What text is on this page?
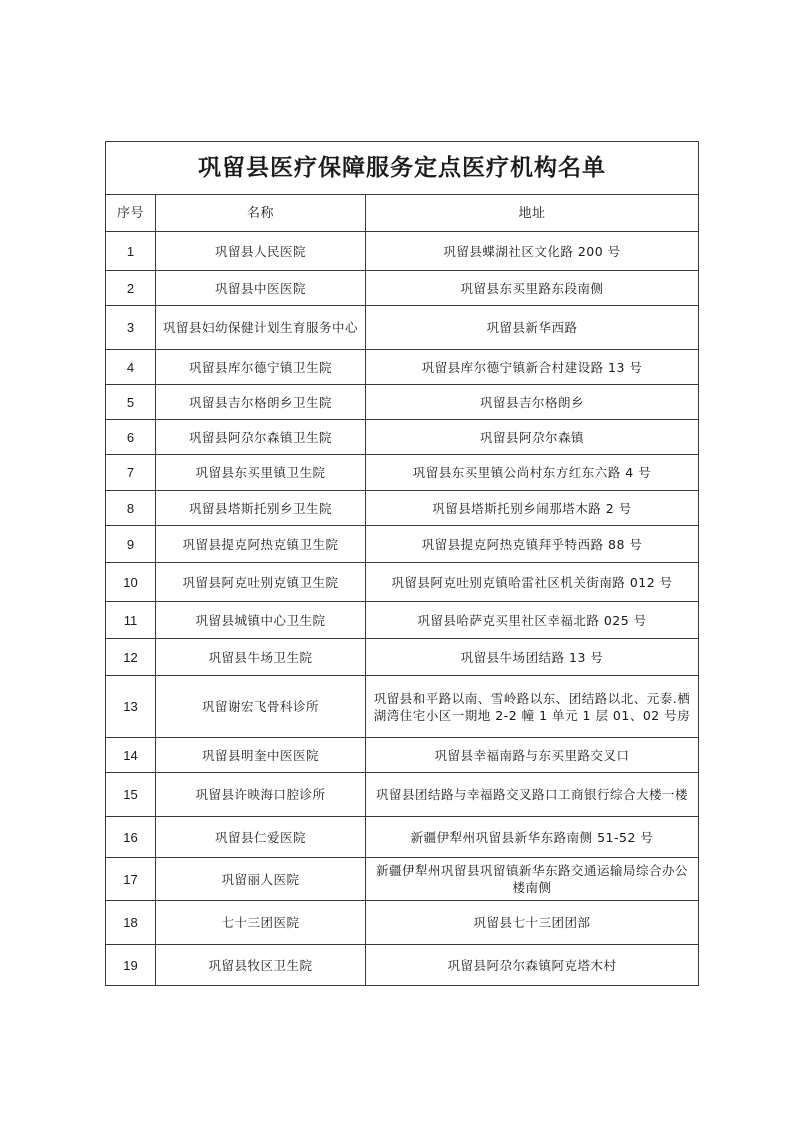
巩留县医疗保障服务定点医疗机构名单		
序号	名称	地址
1	巩留县人民医院	巩留县蝶湖社区文化路 200 号
2	巩留县中医医院	巩留县东买里路东段南侧
3	巩留县妇幼保健计划生育服务中心	巩留县新华西路
4	巩留县库尔德宁镇卫生院	巩留县库尔德宁镇新合村建设路 13 号
5	巩留县吉尔格朗乡卫生院	巩留县吉尔格朗乡
6	巩留县阿尕尔森镇卫生院	巩留县阿尕尔森镇
7	巩留县东买里镇卫生院	巩留县东买里镇公尚村东方红东六路 4 号
8	巩留县塔斯托别乡卫生院	巩留县塔斯托别乡闹那塔木路 2 号
9	巩留县提克阿热克镇卫生院	巩留县提克阿热克镇拜乎特西路 88 号
10	巩留县阿克吐别克镇卫生院	巩留县阿克吐别克镇哈雷社区机关街南路 012 号
11	巩留县城镇中心卫生院	巩留县哈萨克买里社区幸福北路 025 号
12	巩留县牛场卫生院	巩留县牛场团结路 13 号
13	巩留谢宏飞骨科诊所	巩留县和平路以南、雪岭路以东、团结路以北、元泰.栖湖湾住宅小区一期地 2-2 幢 1 单元 1 层 01、02 号房
14	巩留县明奎中医医院	巩留县幸福南路与东买里路交叉口
15	巩留县许映海口腔诊所	巩留县团结路与幸福路交叉路口工商银行综合大楼一楼
16	巩留县仁爱医院	新疆伊犁州巩留县新华东路南侧 51-52 号
17	巩留丽人医院	新疆伊犁州巩留县巩留镇新华东路交通运输局综合办公楼南侧
18	七十三团医院	巩留县七十三团团部
19	巩留县牧区卫生院	巩留县阿尕尔森镇阿克塔木村
